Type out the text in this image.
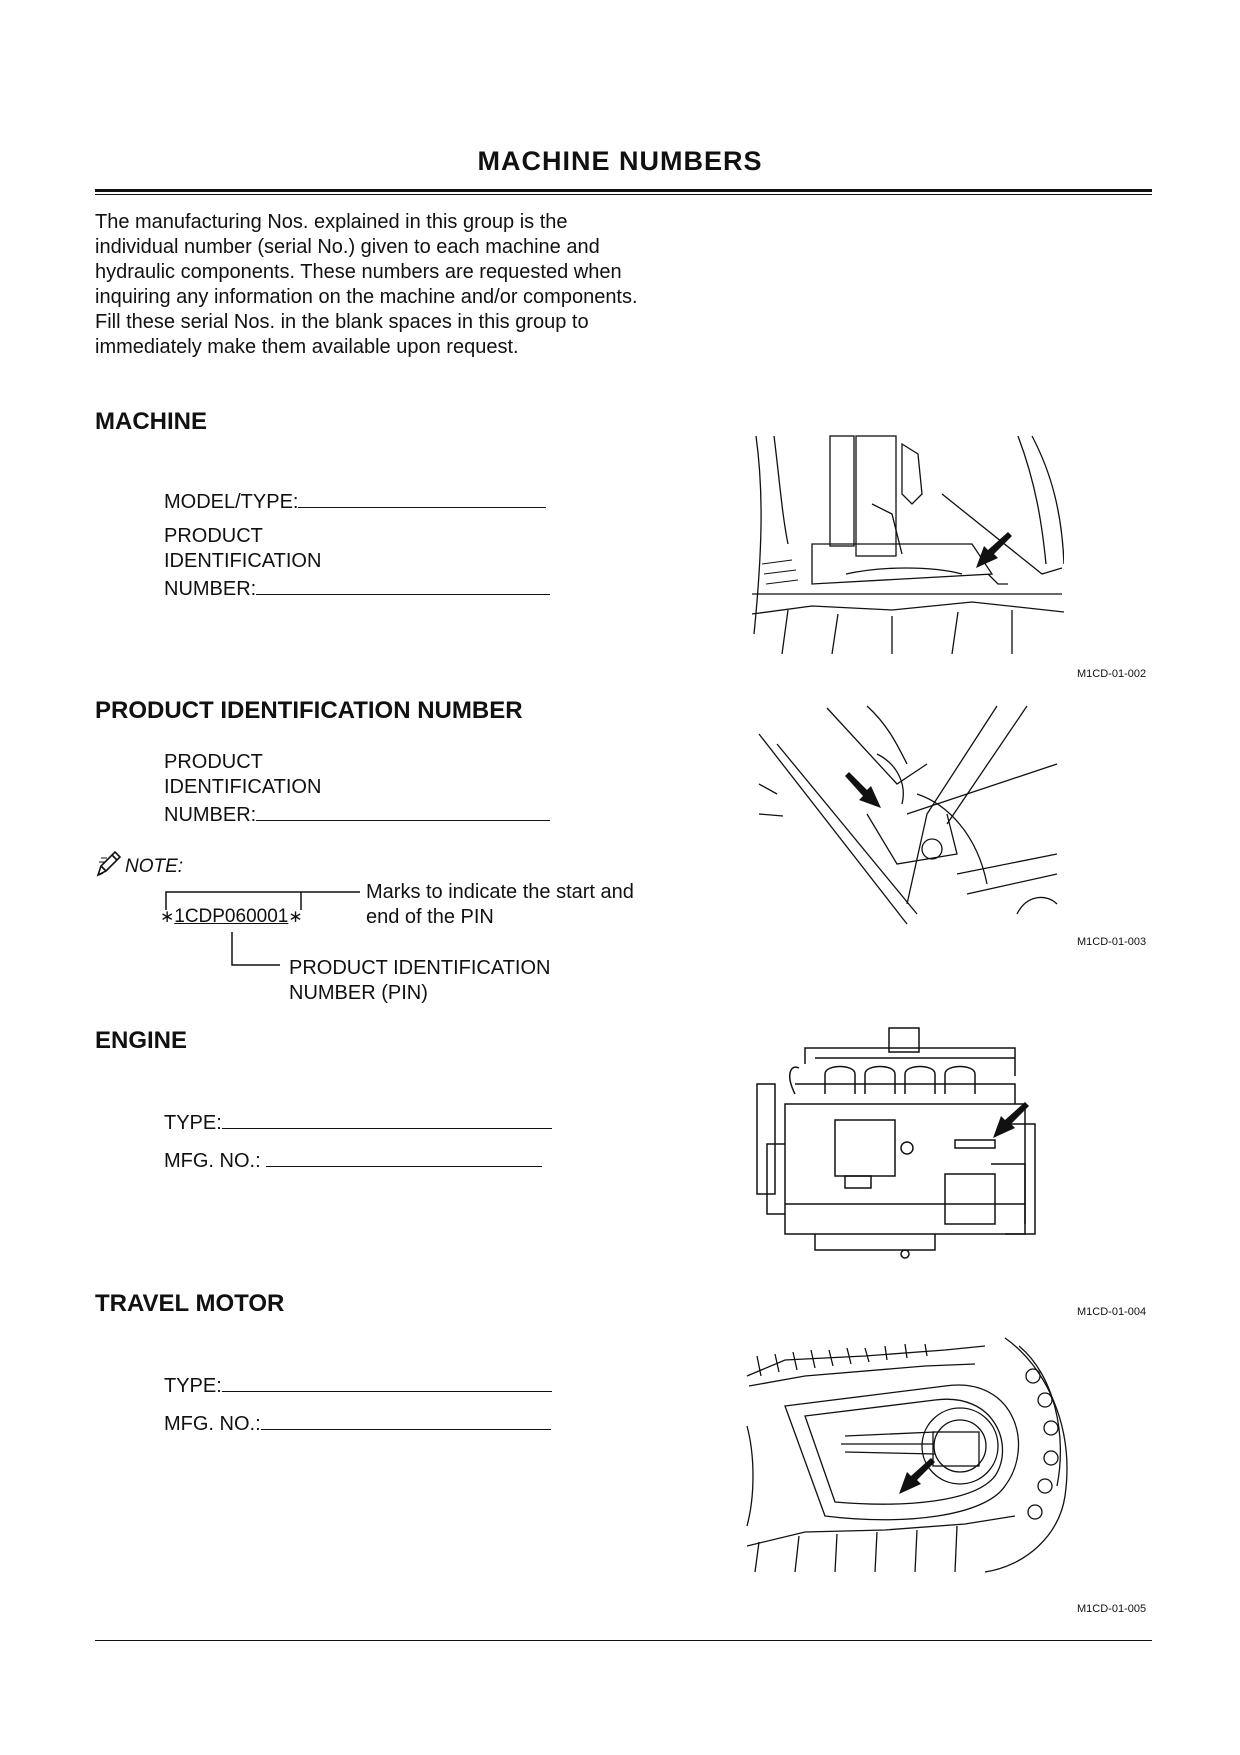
MACHINE NUMBERS
The manufacturing Nos. explained in this group is the individual number (serial No.) given to each machine and hydraulic components. These numbers are requested when inquiring any information on the machine and/or components. Fill these serial Nos. in the blank spaces in this group to immediately make them available upon request.
MACHINE
MODEL/TYPE:
PRODUCT
IDENTIFICATION
NUMBER:
M1CD-01-002
PRODUCT IDENTIFICATION NUMBER
PRODUCT
IDENTIFICATION
NUMBER:
NOTE:
∗1CDP060001∗
Marks to indicate the start and
end of the PIN
PRODUCT IDENTIFICATION
NUMBER (PIN)
M1CD-01-003
ENGINE
TYPE:
MFG. NO.:
M1CD-01-004
TRAVEL MOTOR
TYPE:
MFG. NO.:
M1CD-01-005
